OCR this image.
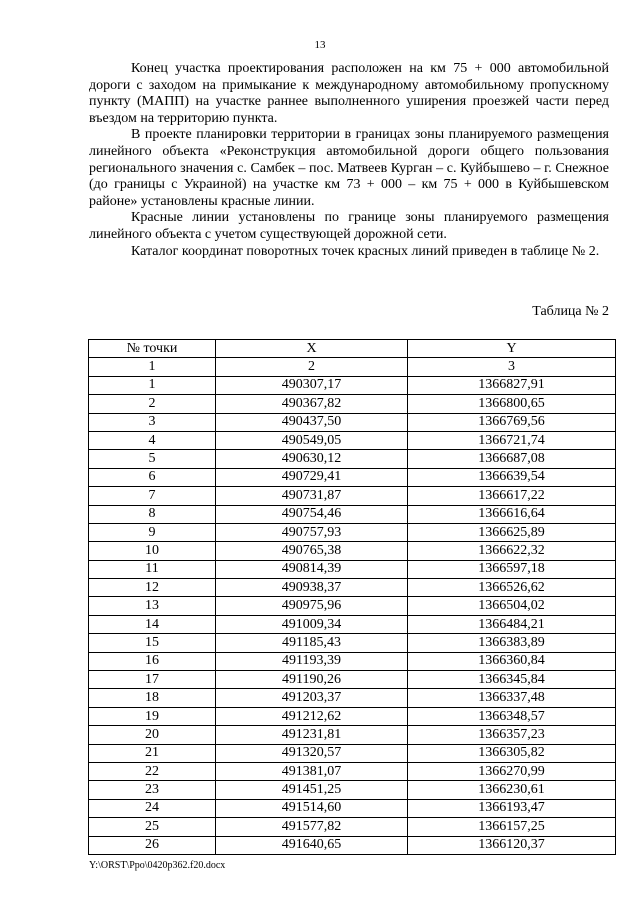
13

Конец участка проектирования расположен на км 75 + 000 автомобильной дороги с заходом на примыкание к международному автомобильному пропускному пункту (МАПП) на участке раннее выполненного уширения проезжей части перед въездом на территорию пункта.

В проекте планировки территории в границах зоны планируемого размещения линейного объекта «Реконструкция автомобильной дороги общего пользования регионального значения с. Самбек – пос. Матвеев Курган – с. Куйбышево – г. Снежное (до границы с Украиной) на участке км 73 + 000 – км 75 + 000 в Куйбышевском районе» установлены красные линии.

Красные линии установлены по границе зоны планируемого размещения линейного объекта с учетом существующей дорожной сети.

Каталог координат поворотных точек красных линий приведен в таблице № 2.

Таблица № 2
№ точки	X	Y
1	2	3
1	490307,17	1366827,91
2	490367,82	1366800,65
3	490437,50	1366769,56
4	490549,05	1366721,74
5	490630,12	1366687,08
6	490729,41	1366639,54
7	490731,87	1366617,22
8	490754,46	1366616,64
9	490757,93	1366625,89
10	490765,38	1366622,32
11	490814,39	1366597,18
12	490938,37	1366526,62
13	490975,96	1366504,02
14	491009,34	1366484,21
15	491185,43	1366383,89
16	491193,39	1366360,84
17	491190,26	1366345,84
18	491203,37	1366337,48
19	491212,62	1366348,57
20	491231,81	1366357,23
21	491320,57	1366305,82
22	491381,07	1366270,99
23	491451,25	1366230,61
24	491514,60	1366193,47
25	491577,82	1366157,25
26	491640,65	1366120,37
Y:\ORST\Ppo\0420p362.f20.docx
